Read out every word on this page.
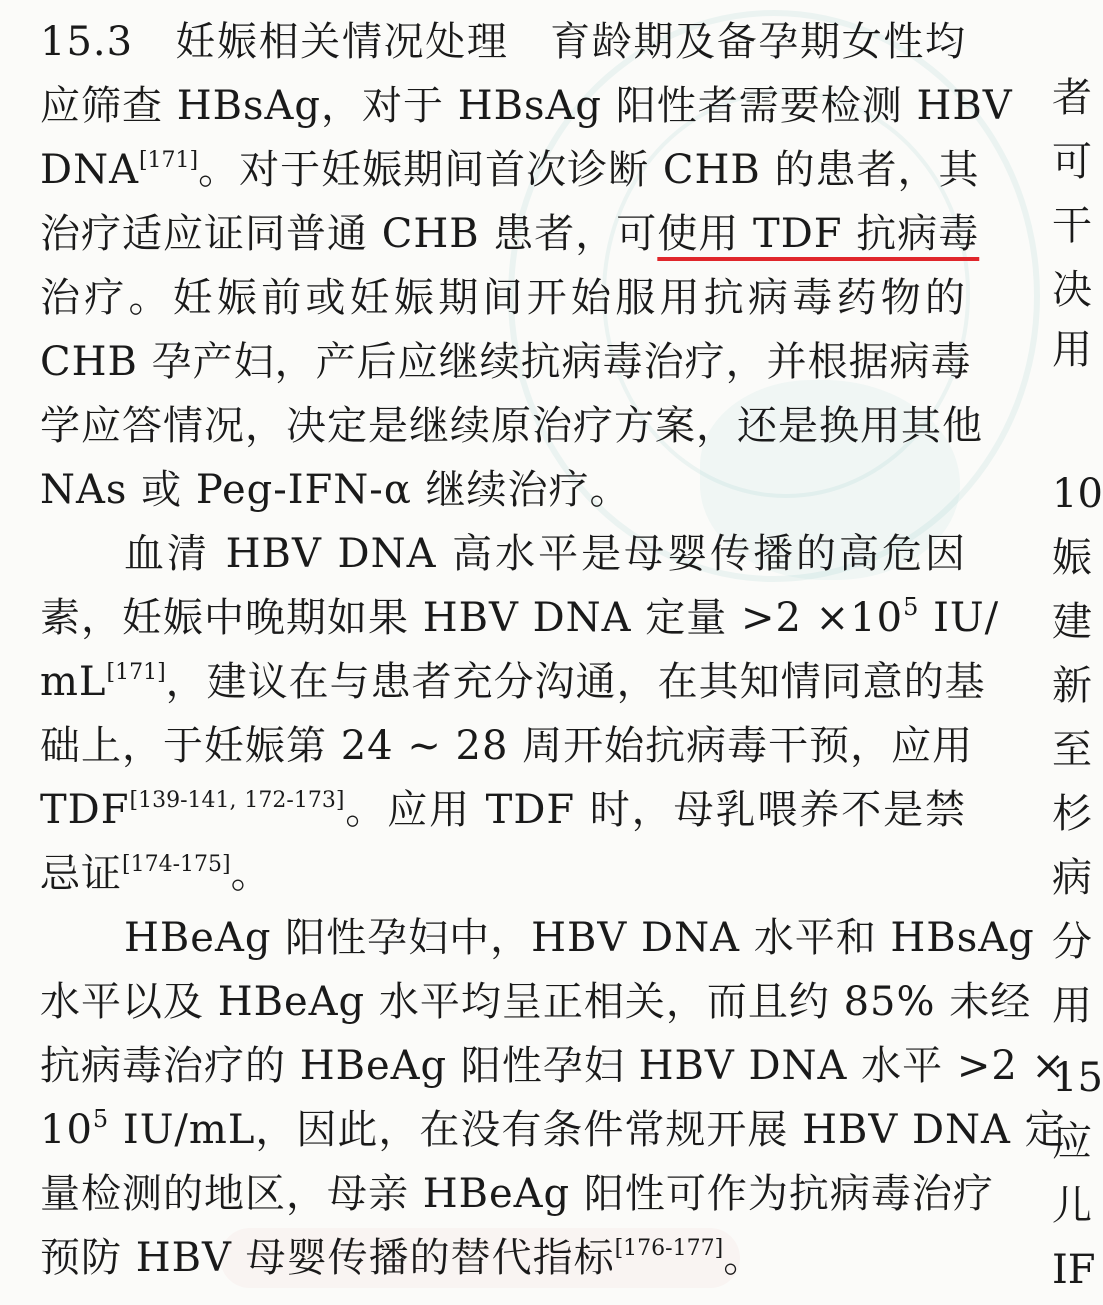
15.3　妊娠相关情况处理　育龄期及备孕期女性均
应筛查 HBsAg，对于 HBsAg 阳性者需要检测 HBV
DNA[171]。对于妊娠期间首次诊断 CHB 的患者，其
治疗适应证同普通 CHB 患者，可使用 TDF 抗病毒
治疗。妊娠前或妊娠期间开始服用抗病毒药物的
CHB 孕产妇，产后应继续抗病毒治疗，并根据病毒
学应答情况，决定是继续原治疗方案，还是换用其他
NAs 或 Peg-IFN-α 继续治疗。
血清 HBV DNA 高水平是母婴传播的高危因
素，妊娠中晚期如果 HBV DNA 定量 $>2 \times 10^5$ IU/
mL[171]，建议在与患者充分沟通，在其知情同意的基
础上，于妊娠第 24 ~ 28 周开始抗病毒干预，应用
TDF[139-141, 172-173]。应用 TDF 时，母乳喂养不是禁
忌证[174-175]。
HBeAg 阳性孕妇中，HBV DNA 水平和 HBsAg
水平以及 HBeAg 水平均呈正相关，而且约 85% 未经
抗病毒治疗的 HBeAg 阳性孕妇 HBV DNA 水平 >2 ×
$10^5$ IU/mL，因此，在没有条件常规开展 HBV DNA 定
量检测的地区，母亲 HBeAg 阳性可作为抗病毒治疗
预防 HBV 母婴传播的替代指标[176-177]。
者
可
干
决
用
10
娠
建
新
至
杉
病
分
用
15
应
儿
IF
